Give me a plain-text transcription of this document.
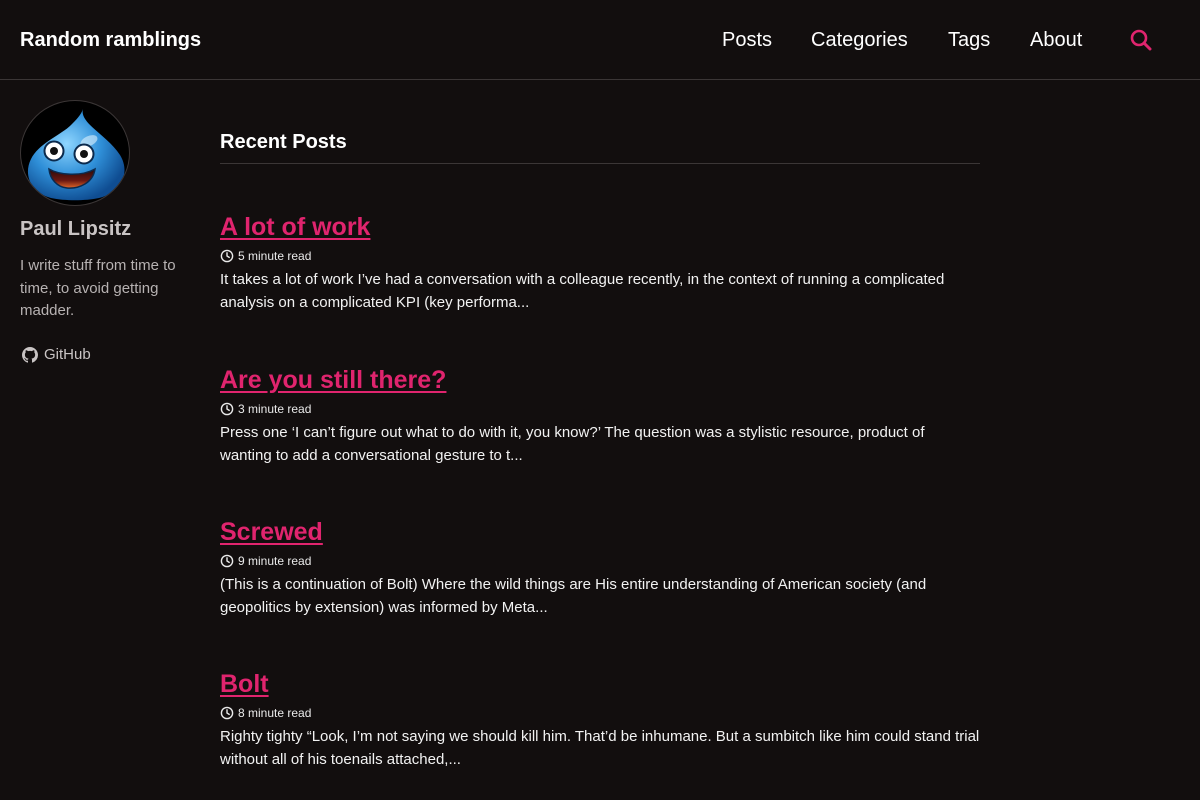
Random ramblings	Posts Categories Tags About
Paul Lipsitz
I write stuff from time to time, to avoid getting madder.
GitHub
Recent Posts
A lot of work
5 minute read

It takes a lot of work I’ve had a conversation with a colleague recently, in the context of running a complicated analysis on a complicated KPI (key performa...

Are you still there?
3 minute read

Press one ‘I can’t figure out what to do with it, you know?’ The question was a stylistic resource, product of wanting to add a conversational gesture to t...

Screwed
9 minute read

(This is a continuation of Bolt) Where the wild things are His entire understanding of American society (and geopolitics by extension) was informed by Meta...

Bolt
8 minute read

Righty tighty “Look, I’m not saying we should kill him. That’d be inhumane. But a sumbitch like him could stand trial without all of his toenails attached,...
